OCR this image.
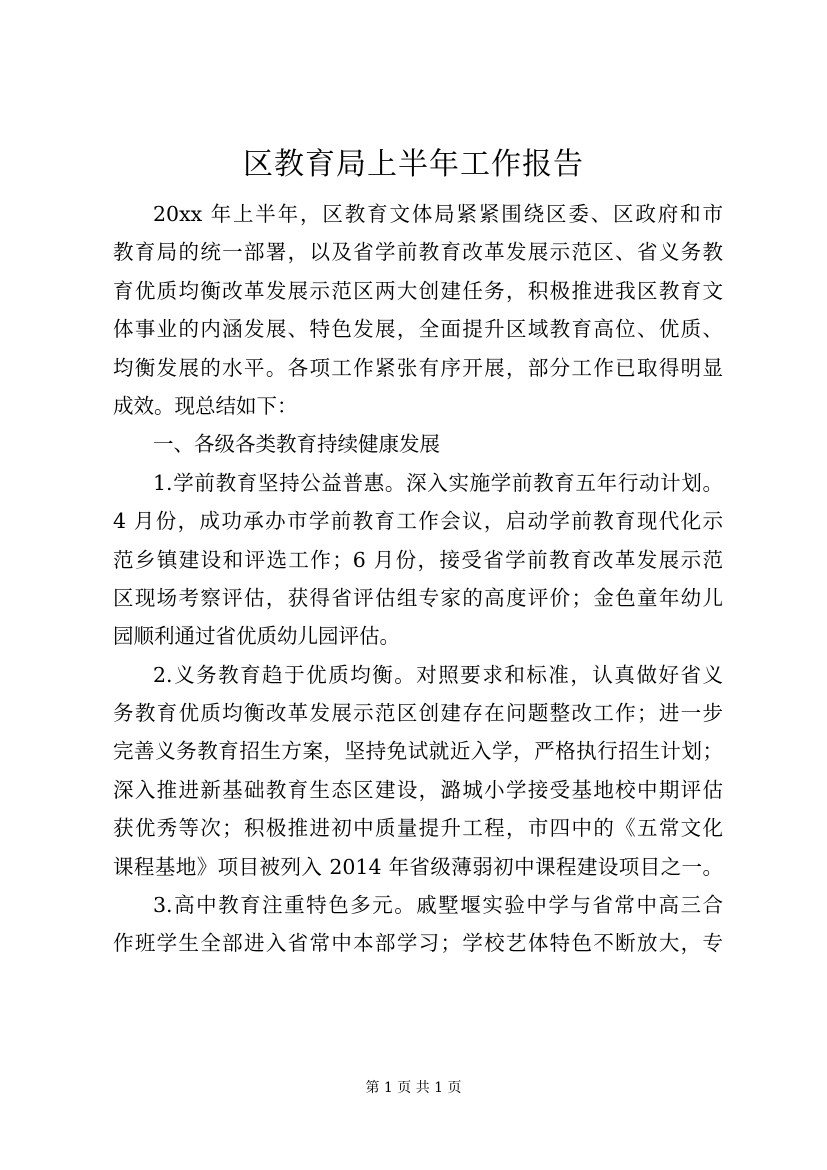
区教育局上半年工作报告
20xx 年上半年，区教育文体局紧紧围绕区委、区政府和市
教育局的统一部署，以及省学前教育改革发展示范区、省义务教
育优质均衡改革发展示范区两大创建任务，积极推进我区教育文
体事业的内涵发展、特色发展，全面提升区域教育高位、优质、
均衡发展的水平。各项工作紧张有序开展，部分工作已取得明显
成效。现总结如下：
一、各级各类教育持续健康发展
1.学前教育坚持公益普惠。深入实施学前教育五年行动计划。
4 月份，成功承办市学前教育工作会议，启动学前教育现代化示
范乡镇建设和评选工作；6 月份，接受省学前教育改革发展示范
区现场考察评估，获得省评估组专家的高度评价；金色童年幼儿
园顺利通过省优质幼儿园评估。
2.义务教育趋于优质均衡。对照要求和标准，认真做好省义
务教育优质均衡改革发展示范区创建存在问题整改工作；进一步
完善义务教育招生方案，坚持免试就近入学，严格执行招生计划；
深入推进新基础教育生态区建设，潞城小学接受基地校中期评估
获优秀等次；积极推进初中质量提升工程，市四中的《五常文化
课程基地》项目被列入 2014 年省级薄弱初中课程建设项目之一。
3.高中教育注重特色多元。戚墅堰实验中学与省常中高三合
作班学生全部进入省常中本部学习；学校艺体特色不断放大，专
第 1 页 共 1 页
